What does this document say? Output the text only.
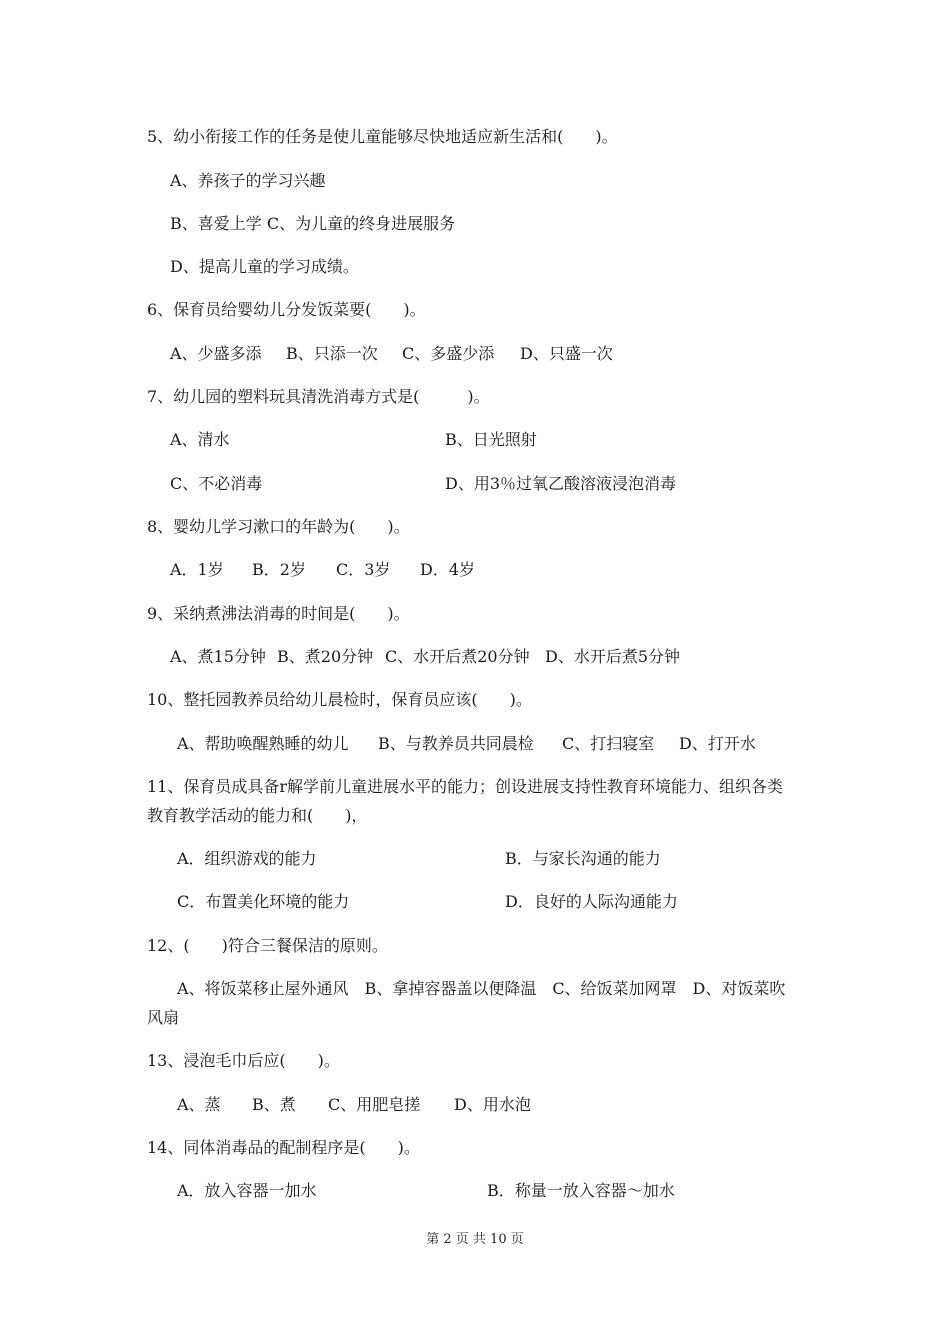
5、幼小衔接工作的任务是使儿童能够尽快地适应新生活和(　　)。
A、养孩子的学习兴趣
B、喜爱上学 C、为儿童的终身进展服务
D、提高儿童的学习成绩。
6、保育员给婴幼儿分发饭菜要(　　)。
A、少盛多添 B、只添一次 C、多盛少添 D、只盛一次
7、幼儿园的塑料玩具清洗消毒方式是(　　　)。
A、清水	B、日光照射
C、不必消毒	D、用3％过氧乙酸溶液浸泡消毒
8、婴幼儿学习漱口的年龄为(　　)。
A．1岁 B．2岁 C．3岁 D．4岁
9、采纳煮沸法消毒的时间是(　　)。
A、煮15分钟 B、煮20分钟 C、水开后煮20分钟 D、水开后煮5分钟
10、整托园教养员给幼儿晨检时，保育员应该(　　)。
A、帮助唤醒熟睡的幼儿 B、与教养员共同晨检 C、打扫寝室 D、打开水
11、保育员成具备r解学前儿童进展水平的能力；创设进展支持性教育环境能力、组织各类
教育教学活动的能力和(　　)，
A．组织游戏的能力	B．与家长沟通的能力
C．布置美化环境的能力	D．良好的人际沟通能力
12、(　　)符合三餐保洁的原则。
A、将饭菜移止屋外通风　B、拿掉容器盖以便降温　C、给饭菜加网罩　D、对饭菜吹
风扇
13、浸泡毛巾后应(　　)。
A、蒸 B、煮 C、用肥皂搓 D、用水泡
14、同体消毒品的配制程序是(　　)。
A．放入容器一加水	B．称量一放入容器～加水
第 2 页 共 10 页
